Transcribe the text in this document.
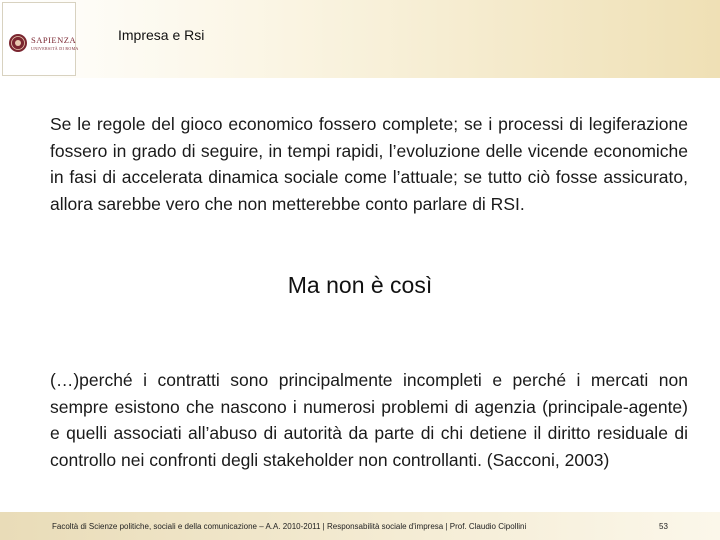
SAPIENZA
UNIVERSITÀ DI ROMA
Impresa e Rsi

Se le regole del gioco economico fossero complete; se i processi di legiferazione fossero in grado di seguire, in tempi rapidi, l’evoluzione delle vicende economiche in fasi di accelerata dinamica sociale come l’attuale; se tutto ciò fosse assicurato, allora sarebbe vero che non metterebbe conto parlare di RSI.

Ma non è così

(…)perché i contratti sono principalmente incompleti e perché i mercati non sempre esistono che nascono i numerosi problemi di agenzia (principale-agente) e quelli associati all’abuso di autorità da parte di chi detiene il diritto residuale di controllo nei confronti degli stakeholder non controllanti. (Sacconi, 2003)

Facoltà di Scienze politiche, sociali e della comunicazione – A.A. 2010-2011 | Responsabilità sociale d'impresa | Prof. Claudio Cipollini	53
